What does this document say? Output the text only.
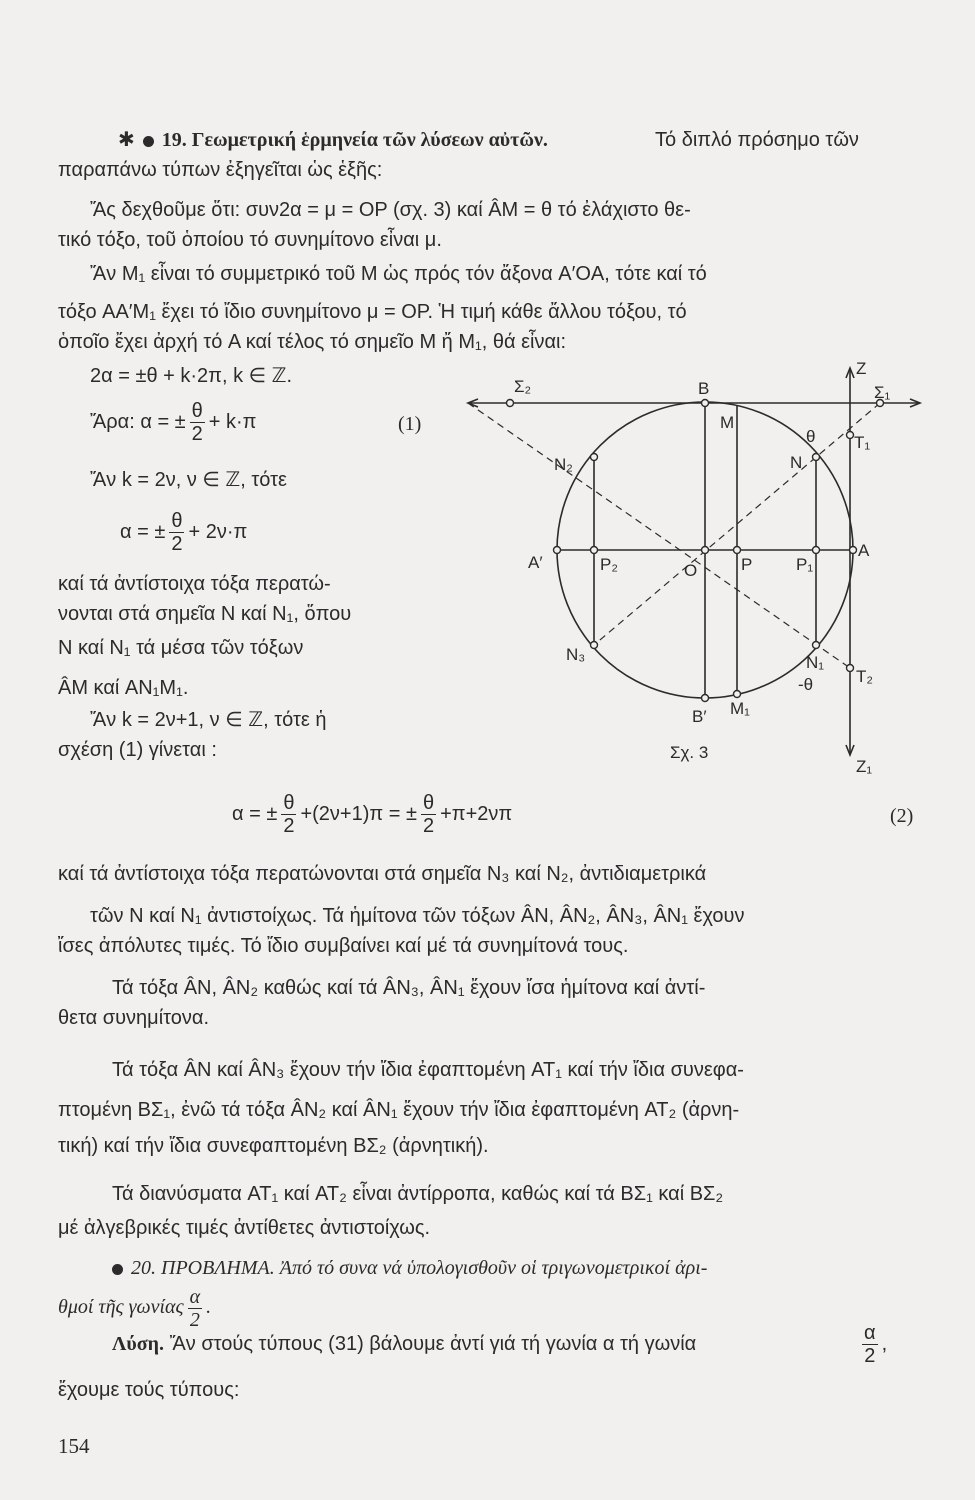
✱ 19. Γεωμετρική ἑρμηνεία τῶν λύσεων αὐτῶν.	Τό διπλό πρόσημο τῶν
παραπάνω τύπων ἐξηγεῖται ὡς ἑξῆς:
Ἄς δεχθοῦμε ὅτι: συν2α = μ = OP (σχ. 3) καί ÂM = θ τό ἐλάχιστο θε-
τικό τόξο, τοῦ ὁποίου τό συνημίτονο εἶναι μ.
Ἄν M₁ εἶναι τό συμμετρικό τοῦ M ὡς πρός τόν ἄξονα A′OA, τότε καί τό
τόξο AA′M₁ ἔχει τό ἴδιο συνημίτονο μ = OP. Ἡ τιμή κάθε ἄλλου τόξου, τό
ὁποῖο ἔχει ἀρχή τό A καί τέλος τό σημεῖο M ἤ M₁, θά εἶναι:
2α = ±θ + k·2π, k ∈ ℤ.
Ἄρα: α = ± $\frac{\theta}{2} + k\cdot\pi$	(1)
Ἄν k = 2ν, ν ∈ ℤ, τότε
α = ± $\frac{\theta}{2} + 2\nu\cdot\pi$
καί τά ἀντίστοιχα τόξα περατώ-
νονται στά σημεῖα N καί N₁, ὅπου
N καί N₁ τά μέσα τῶν τόξων
ÂM καί AN₁M₁.
Ἄν k = 2ν+1, ν ∈ ℤ, τότε ἡ
σχέση (1) γίνεται :
Z
Z₁
Σ₁
Σ₂	B
B′
M
M₁
θ
-θ
N
N₁
N₂
N₃
T₁
T₂
A
A′	O	P	P₁
P₂
Σχ. 3
α = ± $\frac{\theta}{2} +(2\nu+1)\pi$ = ± $\frac{\theta}{2} +\pi+2\nu\pi$	(2)
καί τά ἀντίστοιχα τόξα περατώνονται στά σημεῖα N₃ καί N₂, ἀντιδιαμετρικά
τῶν N καί N₁ ἀντιστοίχως. Τά ἡμίτονα τῶν τόξων ÂN, ÂN₂, ÂN₃, ÂN₁ ἔχουν
ἴσες ἀπόλυτες τιμές. Τό ἴδιο συμβαίνει καί μέ τά συνημίτονά τους.
Τά τόξα ÂN, ÂN₂ καθώς καί τά ÂN₃, ÂN₁ ἔχουν ἴσα ἡμίτονα καί ἀντί-
θετα συνημίτονα.
Τά τόξα ÂN καί ÂN₃ ἔχουν τήν ἴδια ἐφαπτομένη AT₁ καί τήν ἴδια συνεφα-
πτομένη BΣ₁, ἐνῶ τά τόξα ÂN₂ καί ÂN₁ ἔχουν τήν ἴδια ἐφαπτομένη AT₂ (ἀρνη-
τική) καί τήν ἴδια συνεφαπτομένη BΣ₂ (ἀρνητική).
Τά διανύσματα AT₁ καί AT₂ εἶναι ἀντίρροπα, καθώς καί τά BΣ₁ καί BΣ₂
μέ ἀλγεβρικές τιμές ἀντίθετες ἀντιστοίχως.
20. ΠΡΟΒΛΗΜΑ. Ἀπό τό συνα νά ὑπολογισθοῦν οἱ τριγωνομετρικοί ἀρι-
θμοί τῆς γωνίας $\frac{\alpha}{2}$ .
Λύση. Ἄν στούς τύπους (31) βάλουμε ἀντί γιά τή γωνία α τή γωνία	$\frac{\alpha}{2}$ ,
ἔχουμε τούς τύπους:
154
